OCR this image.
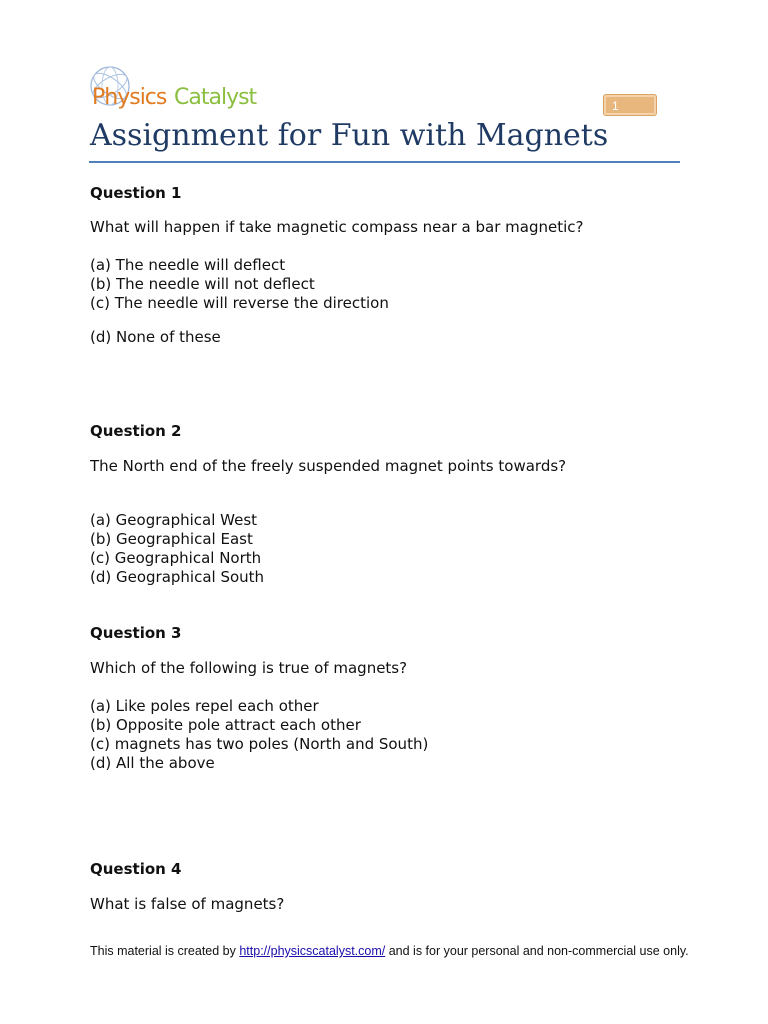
Physics Catalyst	1
Assignment for Fun with Magnets
Question 1
What will happen if take magnetic compass near a bar magnetic?
(a) The needle will deflect
(b) The needle will not deflect
(c) The needle will reverse the direction
(d) None of these
Question 2
The North end of the freely suspended magnet points towards?
(a) Geographical West
(b) Geographical East
(c) Geographical North
(d) Geographical South
Question 3
Which of the following is true of magnets?
(a) Like poles repel each other
(b) Opposite pole attract each other
(c) magnets has two poles (North and South)
(d) All the above
Question 4
What is false of magnets?
This material is created by http://physicscatalyst.com/ and is for your personal and non-commercial use only.
